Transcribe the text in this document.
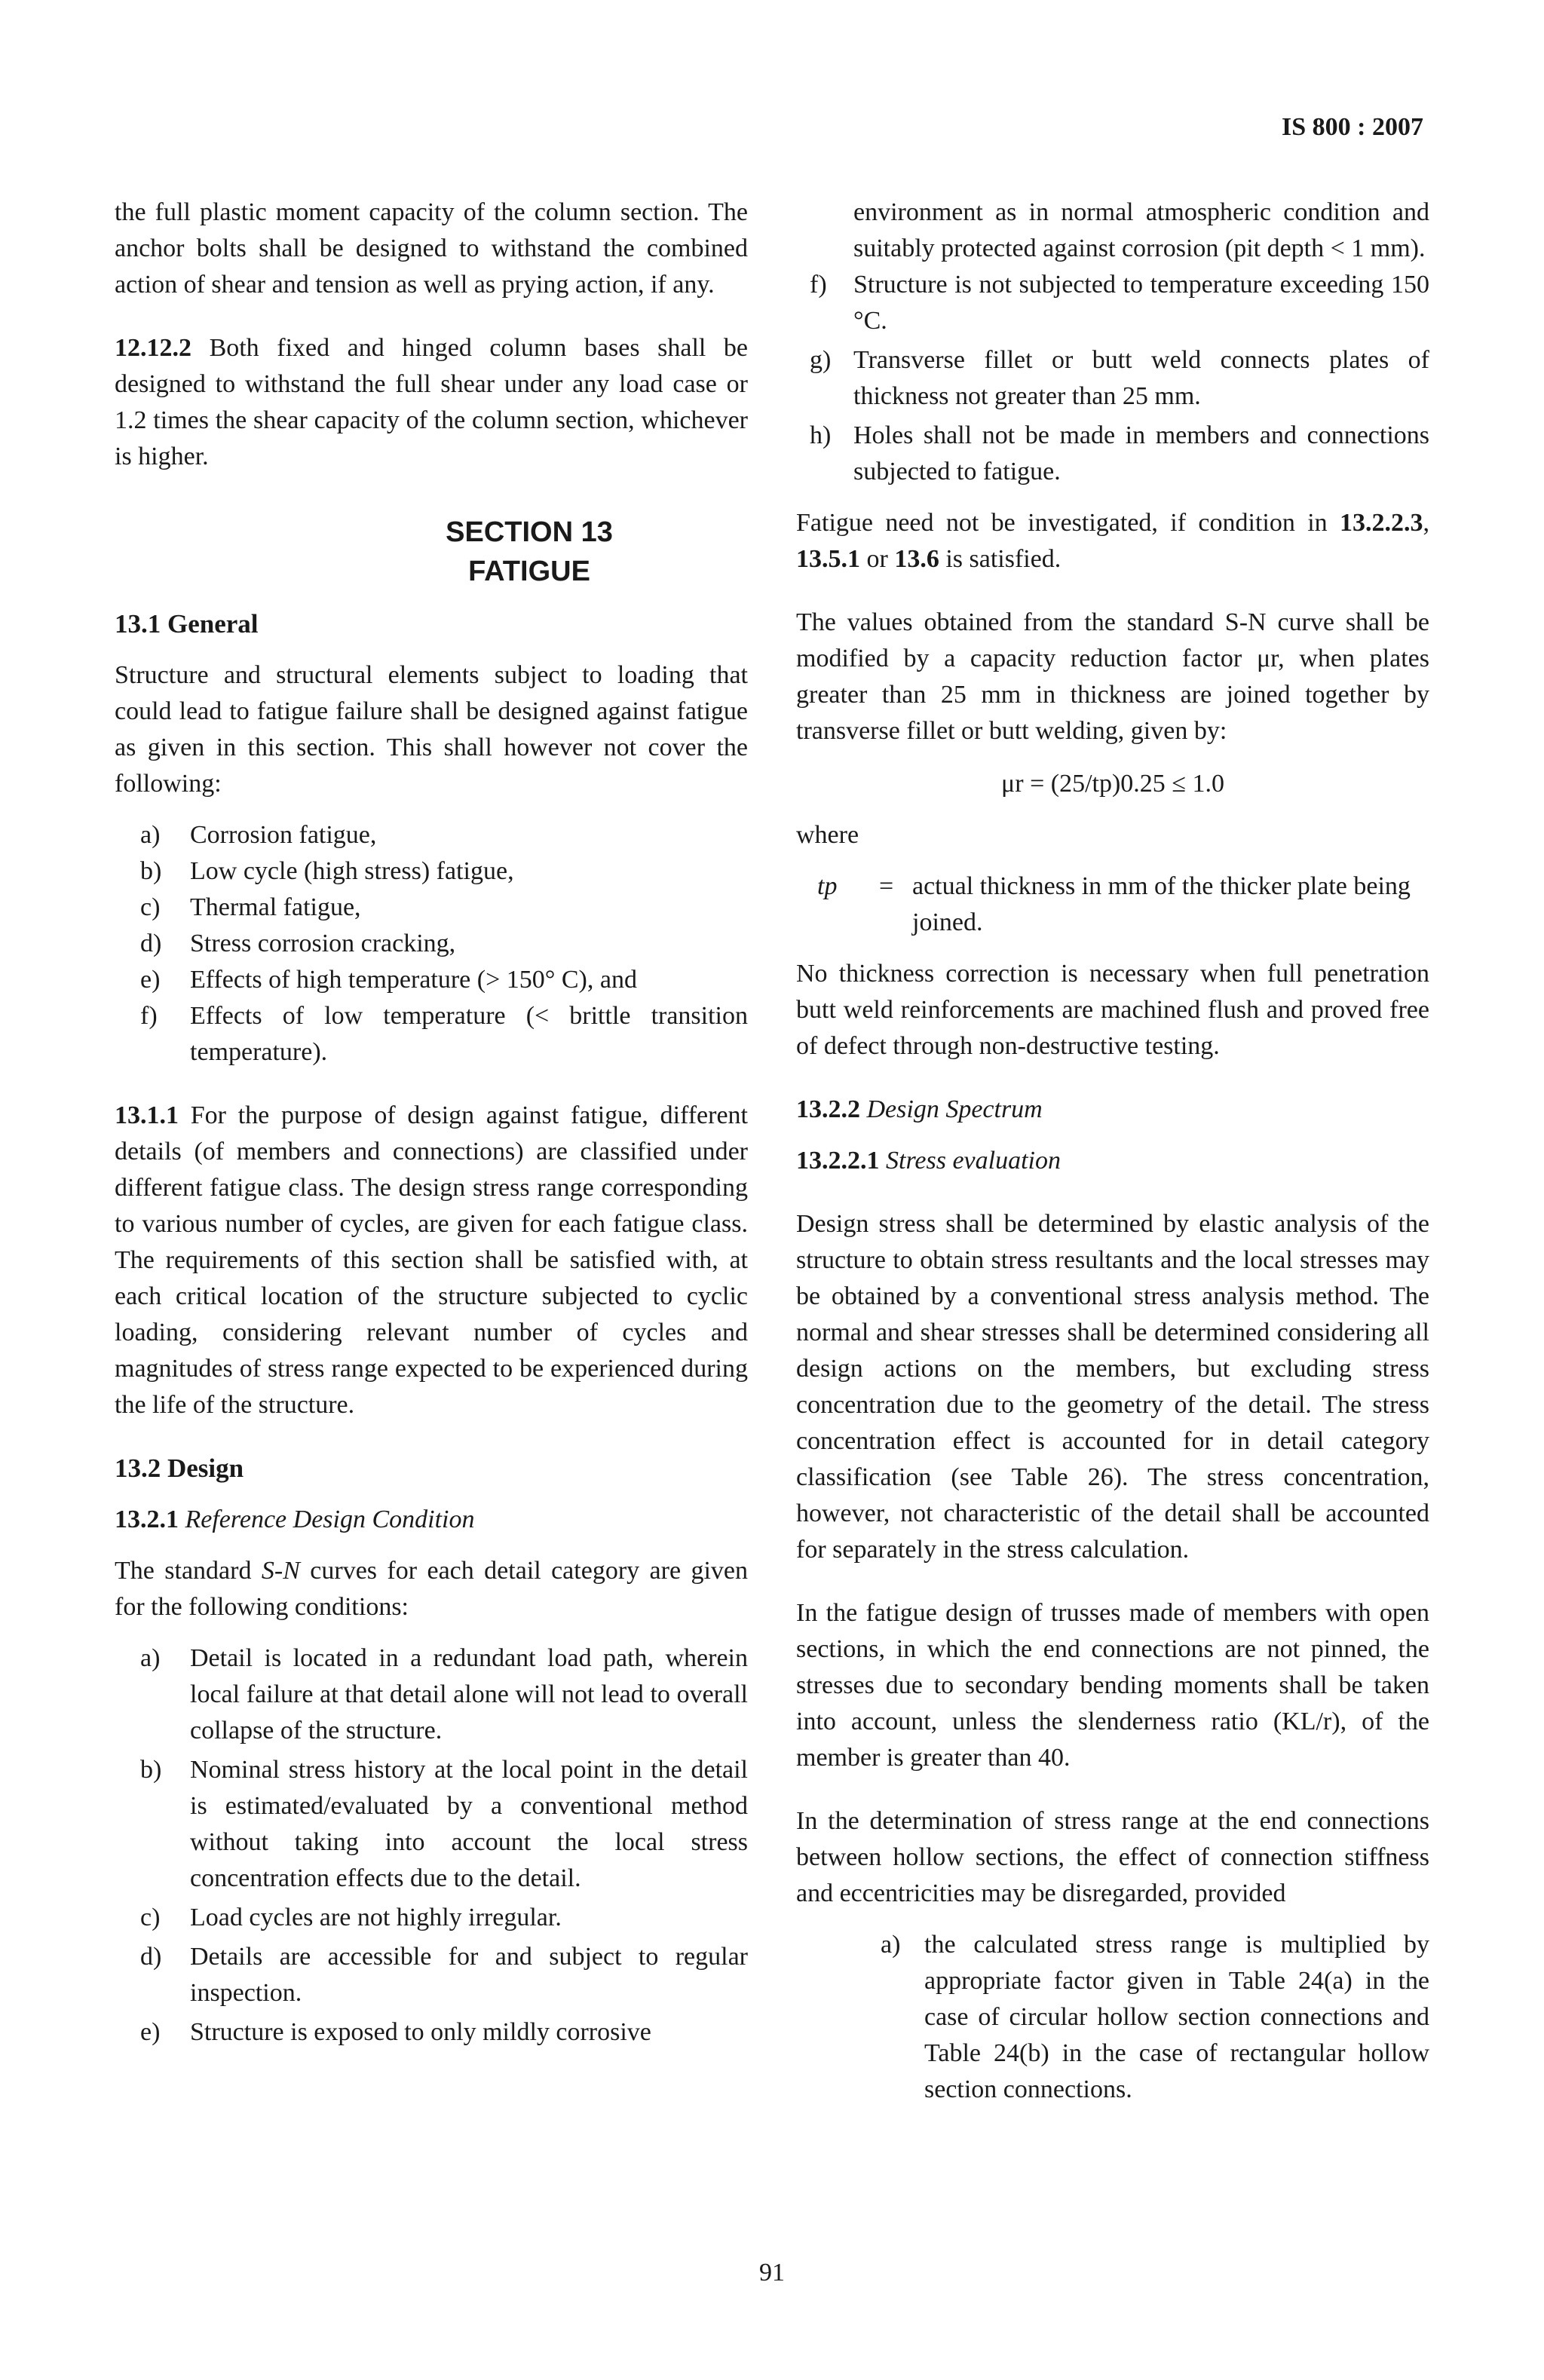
IS 800 : 2007

the full plastic moment capacity of the column section. The anchor bolts shall be designed to withstand the combined action of shear and tension as well as prying action, if any.

12.12.2 Both fixed and hinged column bases shall be designed to withstand the full shear under any load case or 1.2 times the shear capacity of the column section, whichever is higher.

SECTION 13
FATIGUE
13.1 General

Structure and structural elements subject to loading that could lead to fatigue failure shall be designed against fatigue as given in this section. This shall however not cover the following:

a)	Corrosion fatigue,
b)	Low cycle (high stress) fatigue,
c)	Thermal fatigue,
d)	Stress corrosion cracking,
e)	Effects of high temperature (> 150° C), and
f)	Effects of low temperature (< brittle transition temperature).

13.1.1 For the purpose of design against fatigue, different details (of members and connections) are classified under different fatigue class. The design stress range corresponding to various number of cycles, are given for each fatigue class. The requirements of this section shall be satisfied with, at each critical location of the structure subjected to cyclic loading, considering relevant number of cycles and magnitudes of stress range expected to be experienced during the life of the structure.

13.2 Design

13.2.1 Reference Design Condition

The standard S-N curves for each detail category are given for the following conditions:

a)	Detail is located in a redundant load path, wherein local failure at that detail alone will not lead to overall collapse of the structure.
b)	Nominal stress history at the local point in the detail is estimated/evaluated by a conventional method without taking into account the local stress concentration effects due to the detail.
c)	Load cycles are not highly irregular.
d)	Details are accessible for and subject to regular inspection.
e)	Structure is exposed to only mildly corrosive

environment as in normal atmospheric condition and suitably protected against corrosion (pit depth < 1 mm).

f)	Structure is not subjected to temperature exceeding 150 °C.
g) Transverse fillet or butt weld connects plates of thickness not greater than 25 mm.
h) Holes shall not be made in members and connections subjected to fatigue.

Fatigue need not be investigated, if condition in 13.2.2.3, 13.5.1 or 13.6 is satisfied.

The values obtained from the standard S-N curve shall be modified by a capacity reduction factor μr, when plates greater than 25 mm in thickness are joined together by transverse fillet or butt welding, given by:

μr = (25/tp)0.25 ≤ 1.0

where

tp	= actual thickness in mm of the thicker plate being joined.

No thickness correction is necessary when full penetration butt weld reinforcements are machined flush and proved free of defect through non-destructive testing.

13.2.2 Design Spectrum

13.2.2.1 Stress evaluation

Design stress shall be determined by elastic analysis of the structure to obtain stress resultants and the local stresses may be obtained by a conventional stress analysis method. The normal and shear stresses shall be determined considering all design actions on the members, but excluding stress concentration due to the geometry of the detail. The stress concentration effect is accounted for in detail category classification (see Table 26). The stress concentration, however, not characteristic of the detail shall be accounted for separately in the stress calculation.

In the fatigue design of trusses made of members with open sections, in which the end connections are not pinned, the stresses due to secondary bending moments shall be taken into account, unless the slenderness ratio (KL/r), of the member is greater than 40.

In the determination of stress range at the end connections between hollow sections, the effect of connection stiffness and eccentricities may be disregarded, provided

a) the calculated stress range is multiplied by appropriate factor given in Table 24(a) in the case of circular hollow section connections and Table 24(b) in the case of rectangular hollow section connections.
91
